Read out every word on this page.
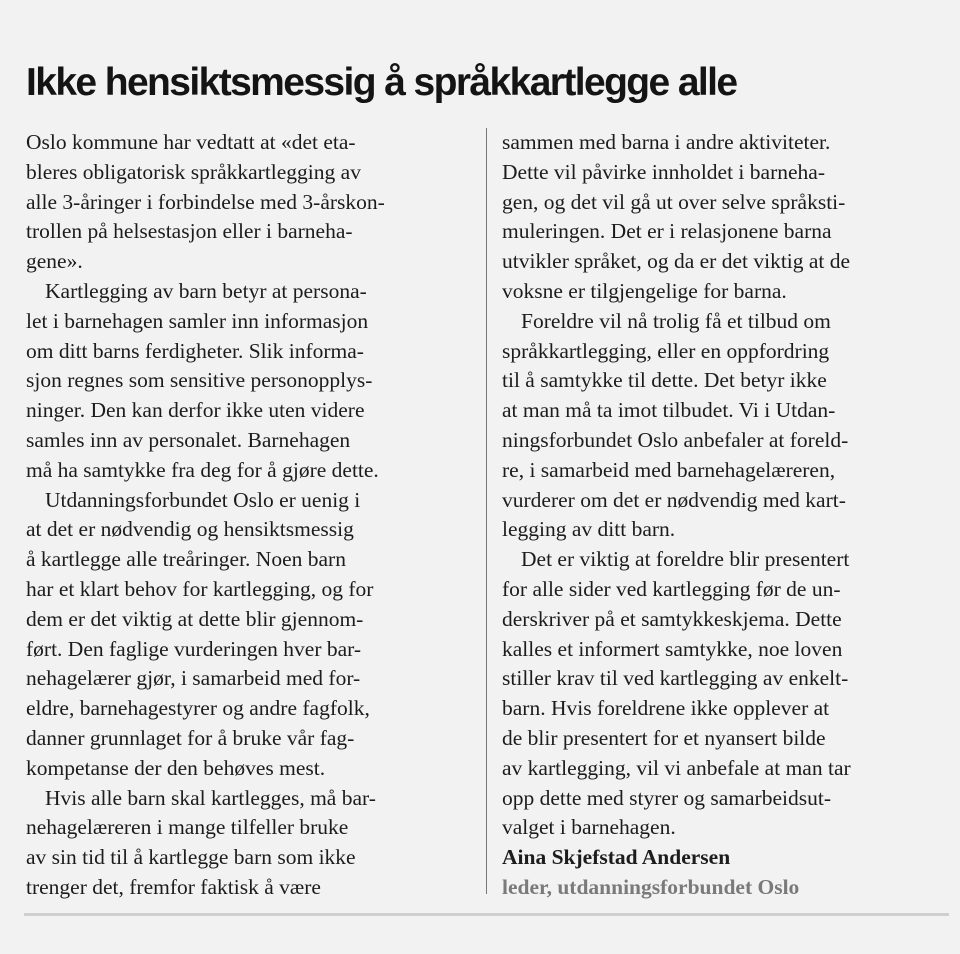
Ikke hensiktsmessig å språkkartlegge alle
Oslo kommune har vedtatt at «det eta-
bleres obligatorisk språkkartlegging av
alle 3-åringer i forbindelse med 3-årskon-
trollen på helsestasjon eller i barneha-
gene».
Kartlegging av barn betyr at persona-
let i barnehagen samler inn informasjon
om ditt barns ferdigheter. Slik informa-
sjon regnes som sensitive personopplys-
ninger. Den kan derfor ikke uten videre
samles inn av personalet. Barnehagen
må ha samtykke fra deg for å gjøre dette.
Utdanningsforbundet Oslo er uenig i
at det er nødvendig og hensiktsmessig
å kartlegge alle treåringer. Noen barn
har et klart behov for kartlegging, og for
dem er det viktig at dette blir gjennom-
ført. Den faglige vurderingen hver bar-
nehagelærer gjør, i samarbeid med for-
eldre, barnehagestyrer og andre fagfolk,
danner grunnlaget for å bruke vår fag-
kompetanse der den behøves mest.
Hvis alle barn skal kartlegges, må bar-
nehagelæreren i mange tilfeller bruke
av sin tid til å kartlegge barn som ikke
trenger det, fremfor faktisk å være
sammen med barna i andre aktiviteter.
Dette vil påvirke innholdet i barneha-
gen, og det vil gå ut over selve språksti-
muleringen. Det er i relasjonene barna
utvikler språket, og da er det viktig at de
voksne er tilgjengelige for barna.
Foreldre vil nå trolig få et tilbud om
språkkartlegging, eller en oppfordring
til å samtykke til dette. Det betyr ikke
at man må ta imot tilbudet. Vi i Utdan-
ningsforbundet Oslo anbefaler at foreld-
re, i samarbeid med barnehagelæreren,
vurderer om det er nødvendig med kart-
legging av ditt barn.
Det er viktig at foreldre blir presentert
for alle sider ved kartlegging før de un-
derskriver på et samtykkeskjema. Dette
kalles et informert samtykke, noe loven
stiller krav til ved kartlegging av enkelt-
barn. Hvis foreldrene ikke opplever at
de blir presentert for et nyansert bilde
av kartlegging, vil vi anbefale at man tar
opp dette med styrer og samarbeidsut-
valget i barnehagen.
Aina Skjefstad Andersen
leder, utdanningsforbundet Oslo
